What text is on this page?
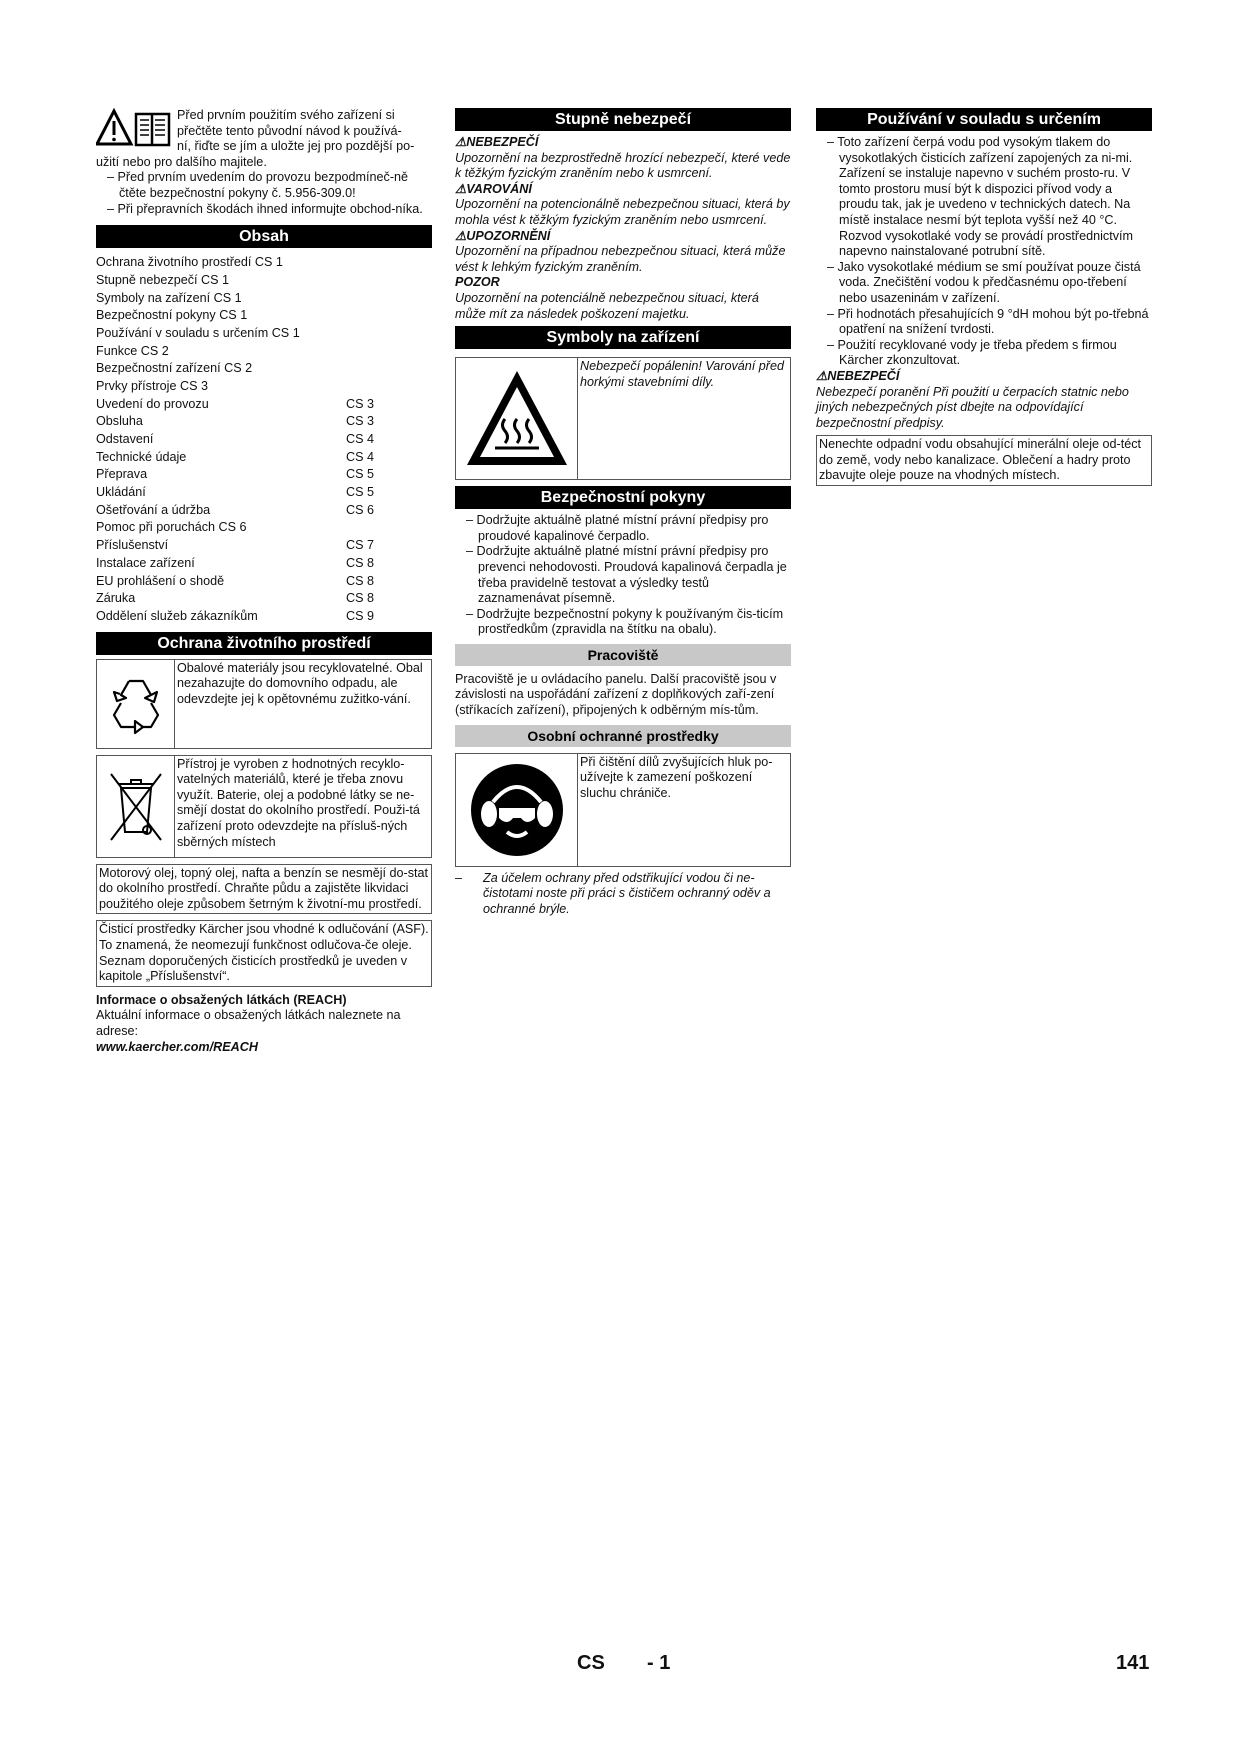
Před prvním použitím svého zařízení si

přečtěte tento původní návod k používá-

ní, řiďte se jím a uložte jej pro pozdější po-

užití nebo pro dalšího majitele.

– Před prvním uvedením do provozu bezpodmíneč-ně čtěte bezpečnostní pokyny č. 5.956-309.0!

– Při přepravních škodách ihned informujte obchod-níka.

Obsah
Ochrana životního prostředí CS 1
Stupně nebezpečí CS 1
Symboly na zařízení CS 1
Bezpečnostní pokyny CS 1
Používání v souladu s určením CS 1
Funkce CS 2
Bezpečnostní zařízení CS 2
Prvky přístroje CS 3
Uvedení do provozu	CS 3
Obsluha	CS 3
Odstavení	CS 4
Technické údaje	CS 4
Přeprava	CS 5
Ukládání	CS 5
Ošetřování a údržba	CS 6
Pomoc při poruchách CS 6
Příslušenství	CS 7
Instalace zařízení	CS 8
EU prohlášení o shodě	CS 8
Záruka	CS 8
Oddělení služeb zákazníkům	CS 9
Ochrana životního prostředí
Obalové materiály jsou recyklovatelné. Obal nezahazujte do domovního odpadu, ale odevzdejte jej k opětovnému zužitko-vání.
Přístroj je vyroben z hodnotných recyklo-vatelných materiálů, které je třeba znovu využít. Baterie, olej a podobné látky se ne-smějí dostat do okolního prostředí. Použi-tá zařízení proto odevzdejte na přísluš-ných sběrných místech
Motorový olej, topný olej, nafta a benzín se nesmějí do-stat do okolního prostředí. Chraňte půdu a zajistěte likvidaci použitého oleje způsobem šetrným k životní-mu prostředí.
Čisticí prostředky Kärcher jsou vhodné k odlučování (ASF). To znamená, že neomezují funkčnost odlučova-če oleje. Seznam doporučených čisticích prostředků je uveden v kapitole „Příslušenství“.

Informace o obsažených látkách (REACH)

Aktuální informace o obsažených látkách naleznete na adrese:

www.kaercher.com/REACH

Stupně nebezpečí

⚠NEBEZPEČÍ

Upozornění na bezprostředně hrozící nebezpečí, které vede k těžkým fyzickým zraněním nebo k usmrcení.

⚠VAROVÁNÍ

Upozornění na potencionálně nebezpečnou situaci, která by mohla vést k těžkým fyzickým zraněním nebo usmrcení.

⚠UPOZORNĚNÍ

Upozornění na případnou nebezpečnou situaci, která může vést k lehkým fyzickým zraněním.

POZOR

Upozornění na potenciálně nebezpečnou situaci, která může mít za následek poškození majetku.

Symboly na zařízení
Nebezpečí popálenin! Varování před horkými stavebními díly.
Bezpečnostní pokyny

– Dodržujte aktuálně platné místní právní předpisy pro proudové kapalinové čerpadlo.

– Dodržujte aktuálně platné místní právní předpisy pro prevenci nehodovosti. Proudová kapalinová čerpadla je třeba pravidelně testovat a výsledky testů zaznamenávat písemně.

– Dodržujte bezpečnostní pokyny k používaným čis-ticím prostředkům (zpravidla na štítku na obalu).

Pracoviště

Pracoviště je u ovládacího panelu. Další pracoviště jsou v závislosti na uspořádání zařízení z doplňkových zaří-zení (stříkacích zařízení), připojených k odběrným mís-tům.

Osobní ochranné prostředky
Při čištění dílů zvyšujících hluk po-užívejte k zamezení poškození sluchu chrániče.
–	Za účelem ochrany před odstřikující vodou či ne-čistotami noste při práci s čističem ochranný oděv a ochranné brýle.
Používání v souladu s určením

– Toto zařízení čerpá vodu pod vysokým tlakem do vysokotlakých čisticích zařízení zapojených za ni-mi. Zařízení se instaluje napevno v suchém prosto-ru. V tomto prostoru musí být k dispozici přívod vody a proudu tak, jak je uvedeno v technických datech. Na místě instalace nesmí být teplota vyšší než 40 °C. Rozvod vysokotlaké vody se provádí prostřednictvím napevno nainstalované potrubní sítě.

– Jako vysokotlaké médium se smí používat pouze čistá voda. Znečištění vodou k předčasnému opo-třebení nebo usazeninám v zařízení.

– Při hodnotách přesahujících 9 °dH mohou být po-třebná opatření na snížení tvrdosti.

– Použití recyklované vody je třeba předem s firmou Kärcher zkonzultovat.

⚠NEBEZPEČÍ

Nebezpečí poranění Při použití u čerpacích statnic nebo jiných nebezpečných píst dbejte na odpovídající bezpečnostní předpisy.

Nenechte odpadní vodu obsahující minerální oleje od-téct do země, vody nebo kanalizace. Oblečení a hadry proto zbavujte oleje pouze na vhodných místech.
CS - 1	141
